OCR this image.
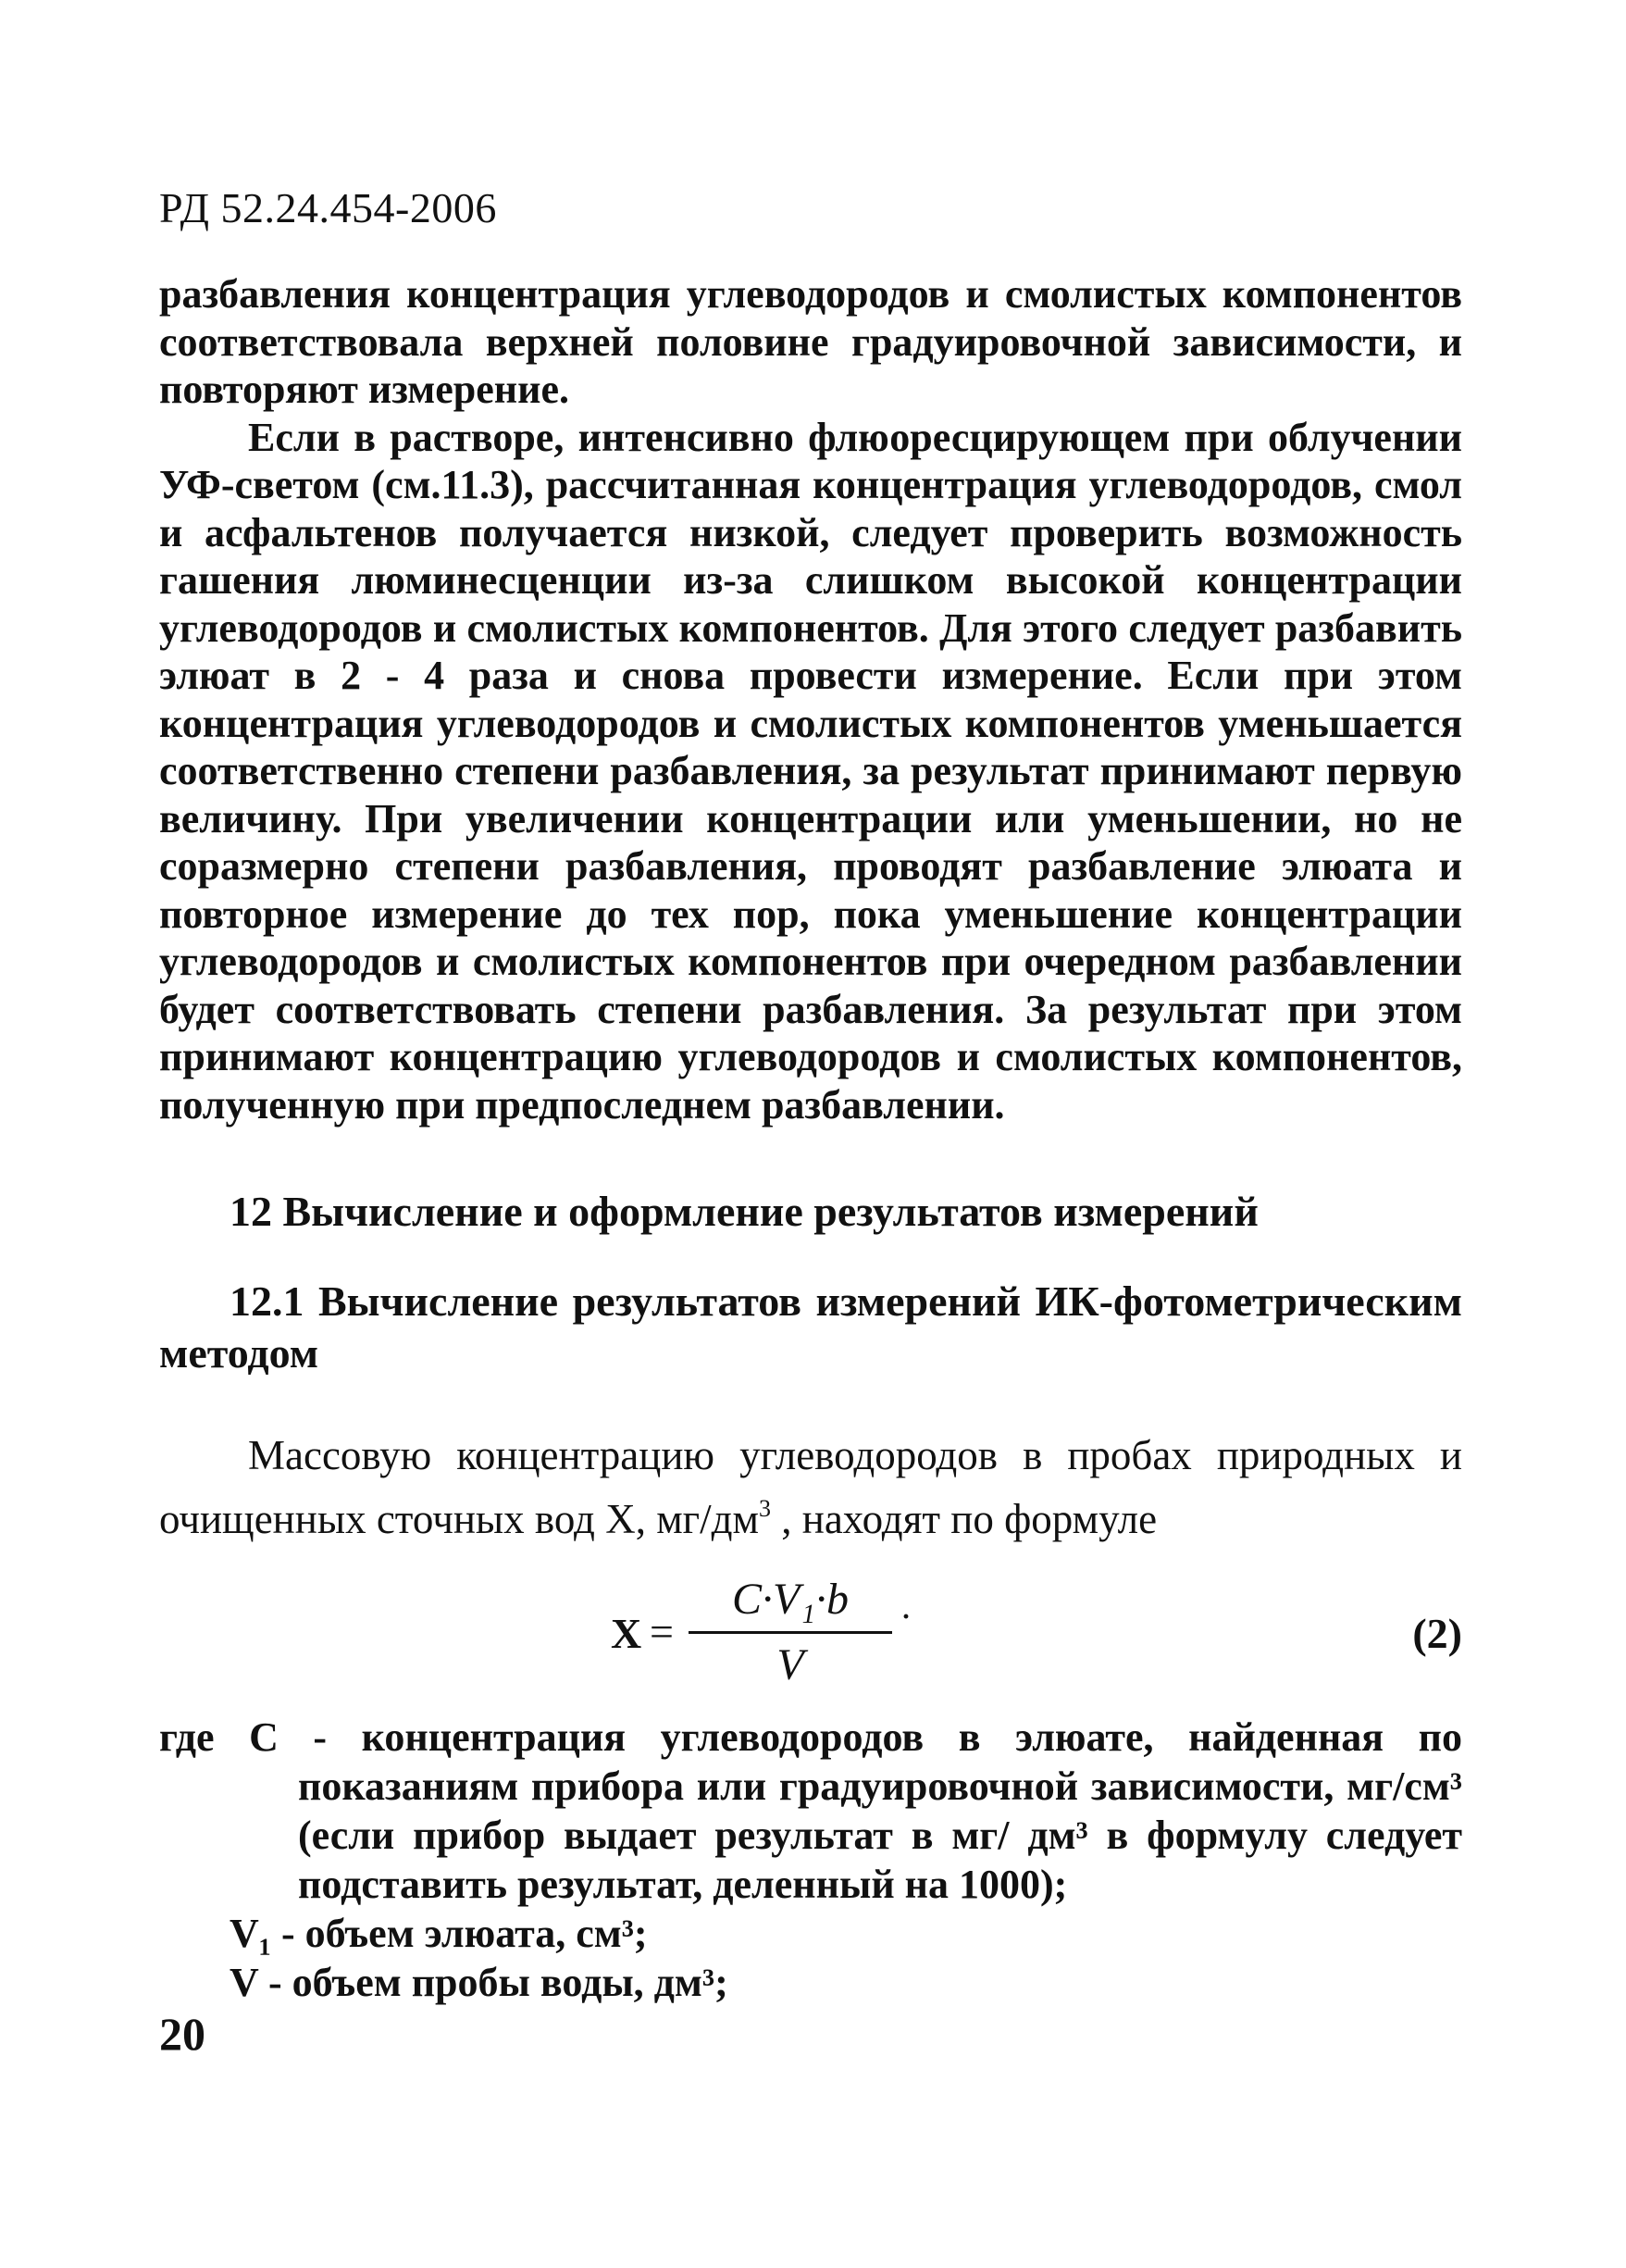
РД 52.24.454-2006

разбавления концентрация углеводородов и смолистых компонентов соответствовала верхней половине градуировочной зависимости, и повторяют измерение.

Если в растворе, интенсивно флюоресцирующем при облучении УФ-светом (см.11.3), рассчитанная концентрация углеводородов, смол и асфальтенов получается низкой, следует проверить возможность гашения люминесценции из-за слишком высокой концентрации углеводородов и смолистых компонентов. Для этого следует разбавить элюат в 2 - 4 раза и снова провести измерение. Если при этом концентрация углеводородов и смолистых компонентов уменьшается соответственно степени разбавления, за результат принимают первую величину. При увеличении концентрации или уменьшении, но не соразмерно степени разбавления, проводят разбавление элюата и повторное измерение до тех пор, пока уменьшение концентрации углеводородов и смолистых компонентов при очередном разбавлении будет соответствовать степени разбавления. За результат при этом принимают концентрацию углеводородов и смолистых компонентов, полученную при предпоследнем разбавлении.

12 Вычисление и оформление результатов измерений
12.1 Вычисление результатов измерений ИК-фотометрическим методом

Массовую концентрацию углеводородов в пробах природных и очищенных сточных вод X, $мг/дм^3$ , находят по формуле

X =
C·V₁·b
V
·	(2)
где C - концентрация углеводородов в элюате, найденная по показаниям прибора или градуировочной зависимости, мг/см³ (если прибор выдает результат в мг/ дм³ в формулу следует подставить результат, деленный на 1000);
V₁ - объем элюата, см³;
V - объем пробы воды, дм³;
20
